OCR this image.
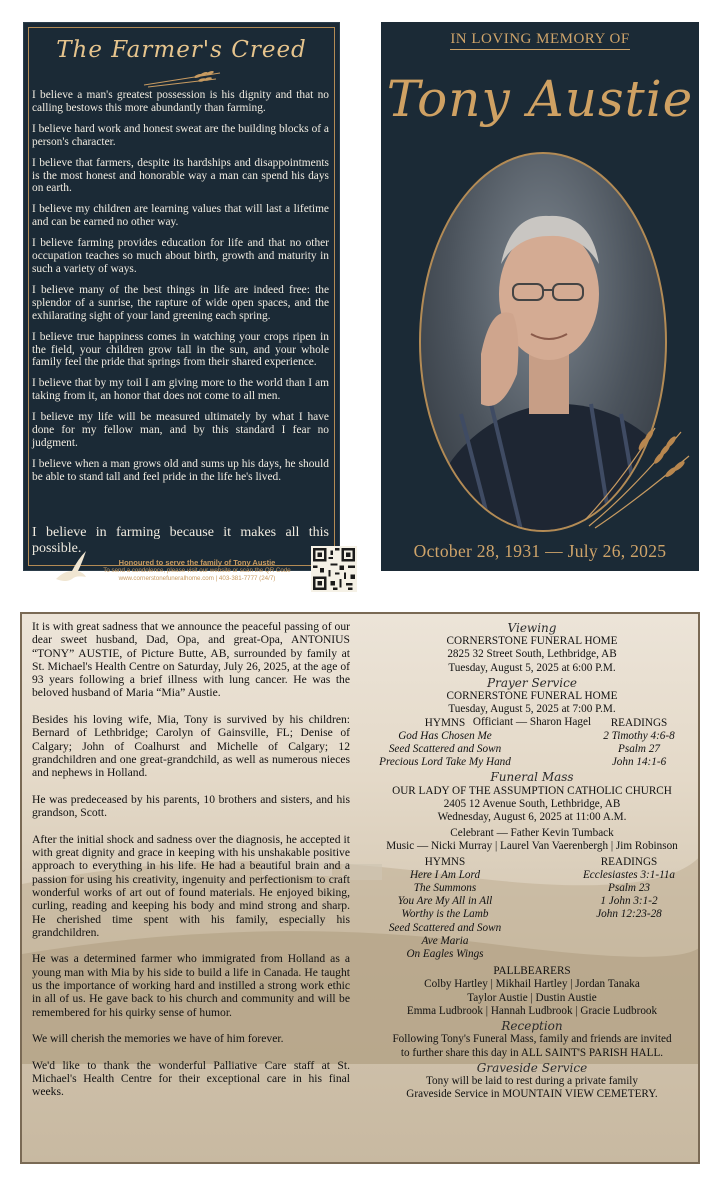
The Farmer's Creed

I believe a man's greatest possession is his dignity and that no calling bestows this more abundantly than farming.

I believe hard work and honest sweat are the building blocks of a person's character.

I believe that farmers, despite its hardships and disappointments is the most honest and honorable way a man can spend his days on earth.

I believe my children are learning values that will last a lifetime and can be earned no other way.

I believe farming provides education for life and that no other occupation teaches so much about birth, growth and maturity in such a variety of ways.

I believe many of the best things in life are indeed free: the splendor of a sunrise, the rapture of wide open spaces, and the exhilarating sight of your land greening each spring.

I believe true happiness comes in watching your crops ripen in the field, your children grow tall in the sun, and your whole family feel the pride that springs from their shared experience.

I believe that by my toil I am giving more to the world than I am taking from it, an honor that does not come to all men.

I believe my life will be measured ultimately by what I have done for my fellow man, and by this standard I fear no judgment.

I believe when a man grows old and sums up his days, he should be able to stand tall and feel pride in the life he's lived.

I believe in farming because it makes all this possible.
Honoured to serve the family of Tony Austie
To send a condolence, please visit our website or scan the QR Code
www.cornerstonefuneralhome.com | 403-381-7777 (24/7)
IN LOVING MEMORY OF
Tony Austie
October 28, 1931 — July 26, 2025

It is with great sadness that we announce the peaceful passing of our dear sweet husband, Dad, Opa, and great-Opa, ANTONIUS “TONY” AUSTIE, of Picture Butte, AB, surrounded by family at St. Michael's Health Centre on Saturday, July 26, 2025, at the age of 93 years following a brief illness with lung cancer. He was the beloved husband of Maria “Mia” Austie.

Besides his loving wife, Mia, Tony is survived by his children: Bernard of Lethbridge; Carolyn of Gainsville, FL; Denise of Calgary; John of Coalhurst and Michelle of Calgary; 12 grandchildren and one great-grandchild, as well as numerous nieces and nephews in Holland.

He was predeceased by his parents, 10 brothers and sisters, and his grandson, Scott.

After the initial shock and sadness over the diagnosis, he accepted it with great dignity and grace in keeping with his unshakable positive approach to everything in his life. He had a beautiful brain and a passion for using his creativity, ingenuity and perfectionism to craft wonderful works of art out of found materials. He enjoyed biking, curling, reading and keeping his body and mind strong and sharp. He cherished time spent with his family, especially his grandchildren.

He was a determined farmer who immigrated from Holland as a young man with Mia by his side to build a life in Canada. He taught us the importance of working hard and instilled a strong work ethic in all of us. He gave back to his church and community and will be remembered for his quirky sense of humor.

We will cherish the memories we have of him forever.

We'd like to thank the wonderful Palliative Care staff at St. Michael's Health Centre for their exceptional care in his final weeks.

Viewing
CORNERSTONE FUNERAL HOME
2825 32 Street South, Lethbridge, AB
Tuesday, August 5, 2025 at 6:00 P.M.
Prayer Service
CORNERSTONE FUNERAL HOME
Tuesday, August 5, 2025 at 7:00 P.M.
Officiant — Sharon Hagel
HYMNS
God Has Chosen Me
Seed Scattered and Sown
Precious Lord Take My Hand
READINGS
2 Timothy 4:6-8
Psalm 27
John 14:1-6
Funeral Mass
OUR LADY OF THE ASSUMPTION CATHOLIC CHURCH
2405 12 Avenue South, Lethbridge, AB
Wednesday, August 6, 2025 at 11:00 A.M.
Celebrant — Father Kevin Tumback
Music — Nicki Murray | Laurel Van Vaerenbergh | Jim Robinson
HYMNS
Here I Am Lord
The Summons
You Are My All in All
Worthy is the Lamb
Seed Scattered and Sown
Ave Maria
On Eagles Wings
READINGS
Ecclesiastes 3:1-11a
Psalm 23
1 John 3:1-2
John 12:23-28
PALLBEARERS
Colby Hartley | Mikhail Hartley | Jordan Tanaka
Taylor Austie | Dustin Austie
Emma Ludbrook | Hannah Ludbrook | Gracie Ludbrook
Reception
Following Tony's Funeral Mass, family and friends are invited
to further share this day in ALL SAINT'S PARISH HALL.
Graveside Service
Tony will be laid to rest during a private family
Graveside Service in MOUNTAIN VIEW CEMETERY.
